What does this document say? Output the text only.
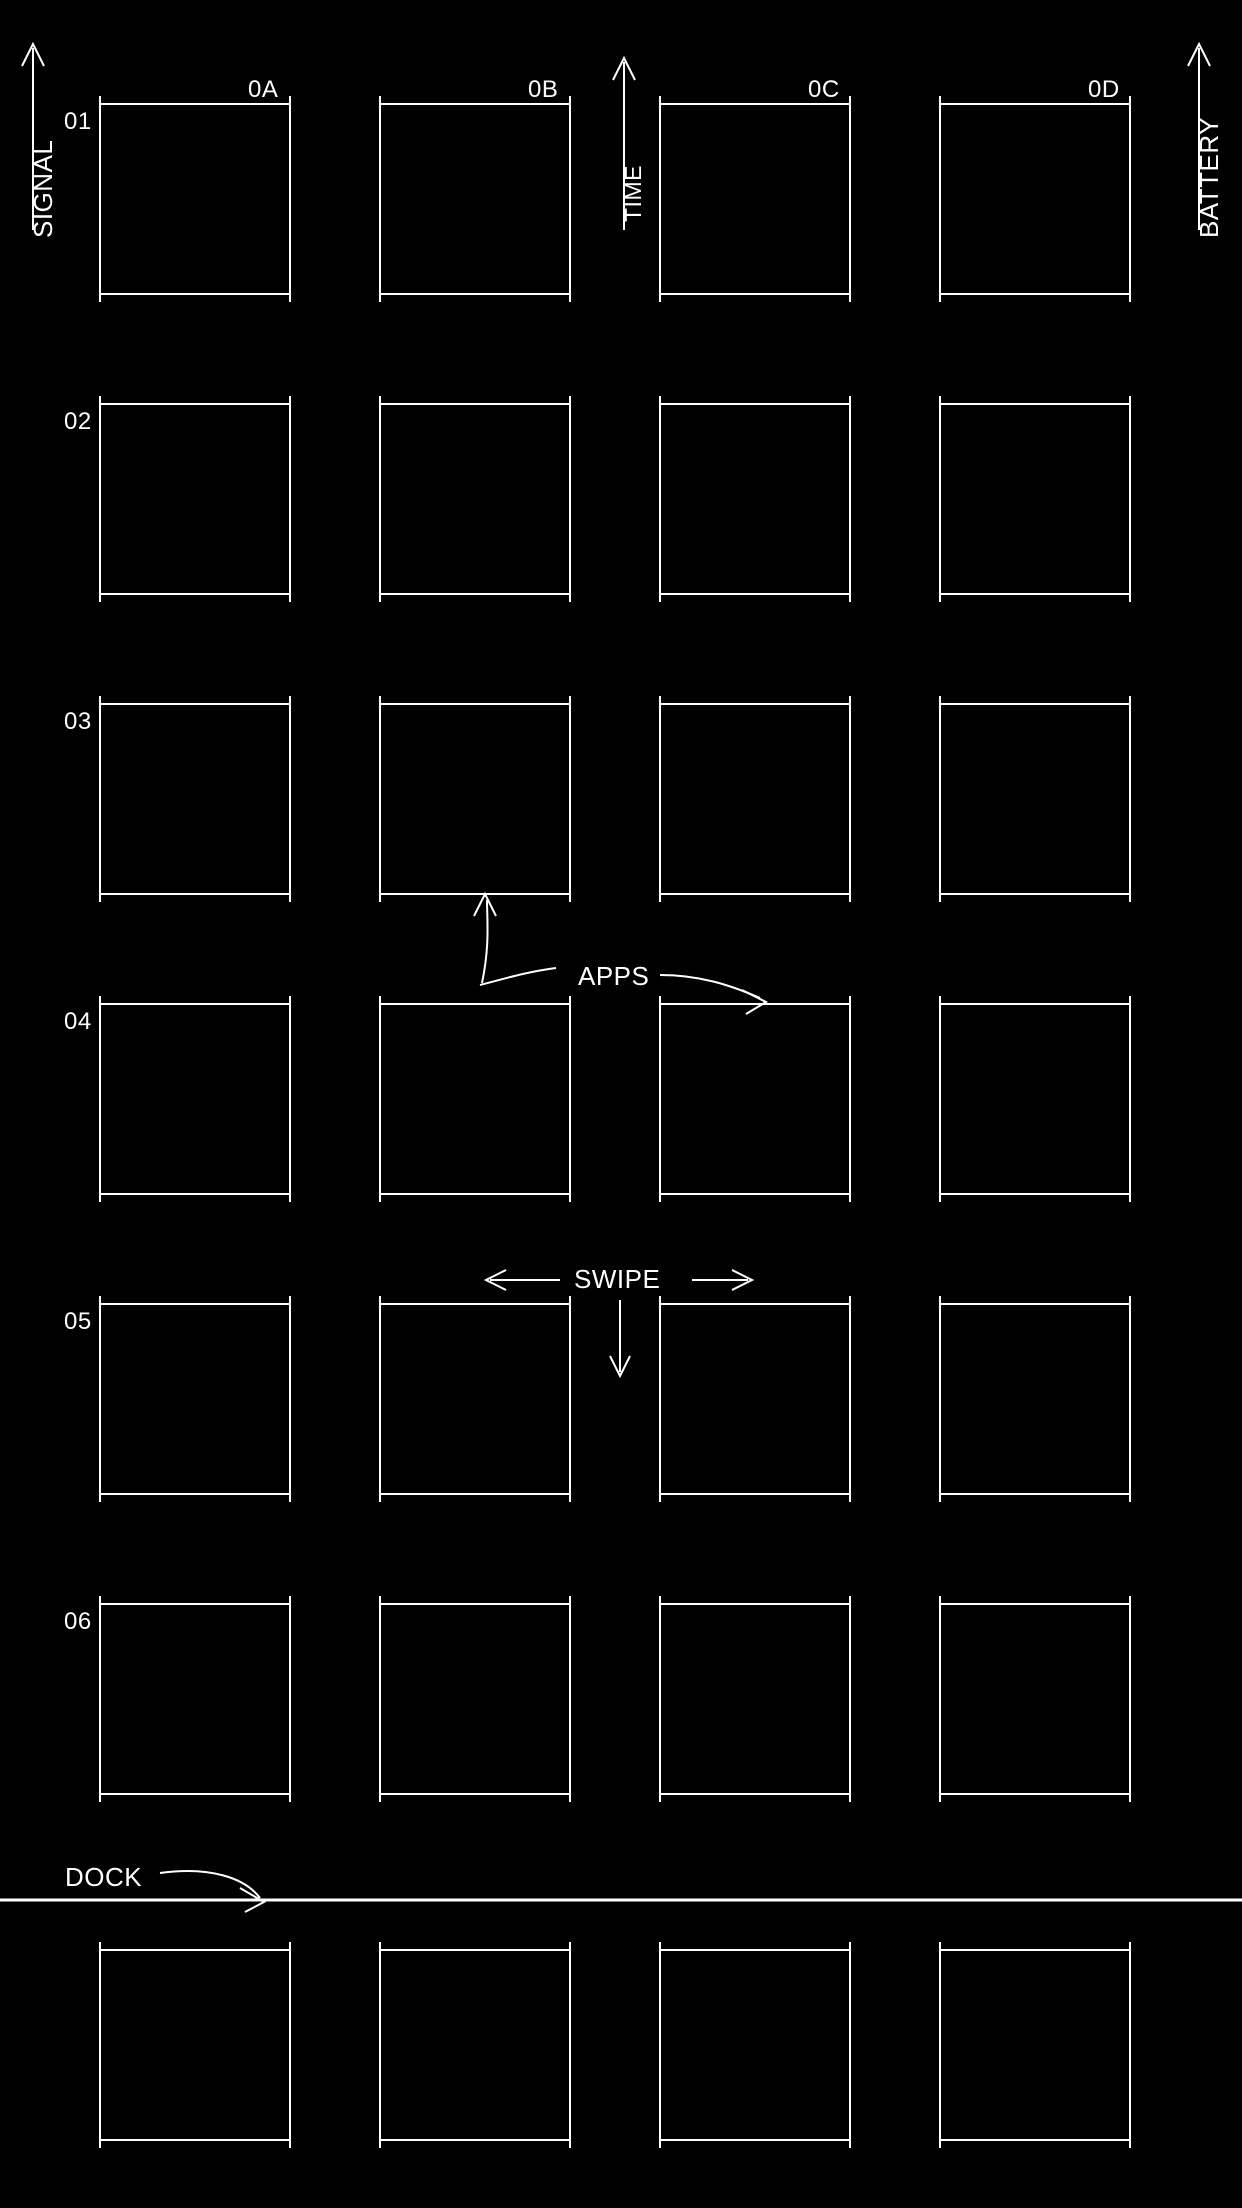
SIGNAL	TIME	BATTERY
0A	0B	0C	0D
01
02
03
04
05
06
APPS
SWIPE
DOCK
